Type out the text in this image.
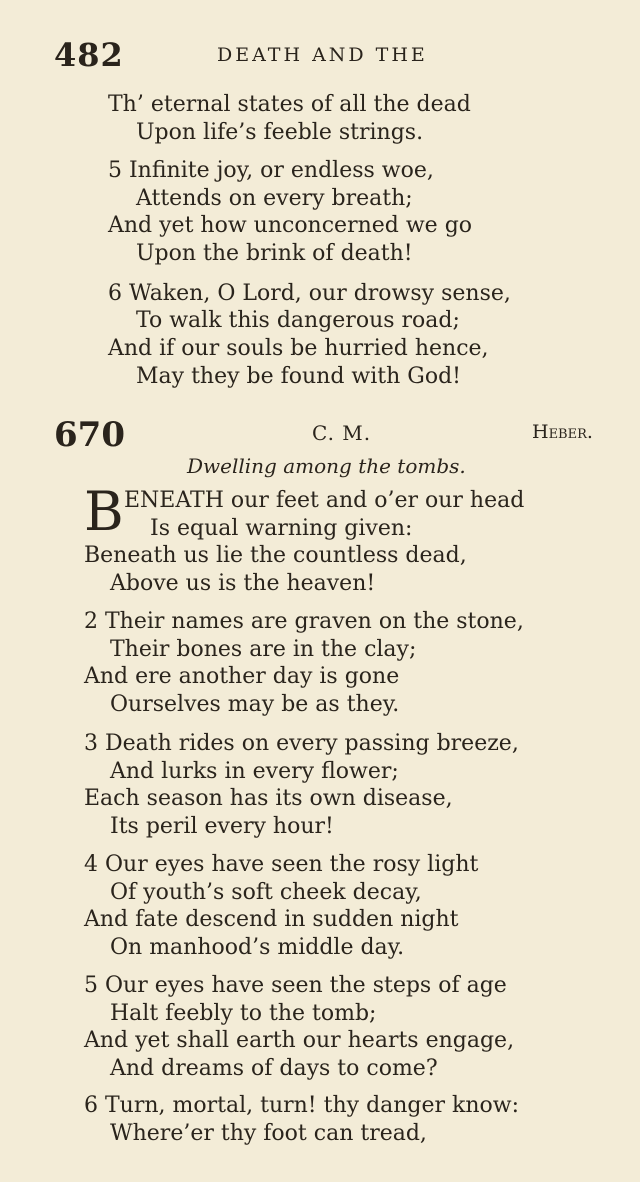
482	DEATH AND THE
Th’ eternal states of all the dead
Upon life’s feeble strings.
5 Infinite joy, or endless woe,
Attends on every breath;
And yet how unconcerned we go
Upon the brink of death!
6 Waken, O Lord, our drowsy sense,
To walk this dangerous road;
And if our souls be hurried hence,
May they be found with God!
670	C. M.	Heber.
Dwelling among the tombs.
B ENEATH our feet and o’er our head
Is equal warning given:
Beneath us lie the countless dead,
Above us is the heaven!
2 Their names are graven on the stone,
Their bones are in the clay;
And ere another day is gone
Ourselves may be as they.
3 Death rides on every passing breeze,
And lurks in every flower;
Each season has its own disease,
Its peril every hour!
4 Our eyes have seen the rosy light
Of youth’s soft cheek decay,
And fate descend in sudden night
On manhood’s middle day.
5 Our eyes have seen the steps of age
Halt feebly to the tomb;
And yet shall earth our hearts engage,
And dreams of days to come?
6 Turn, mortal, turn! thy danger know:
Where’er thy foot can tread,
